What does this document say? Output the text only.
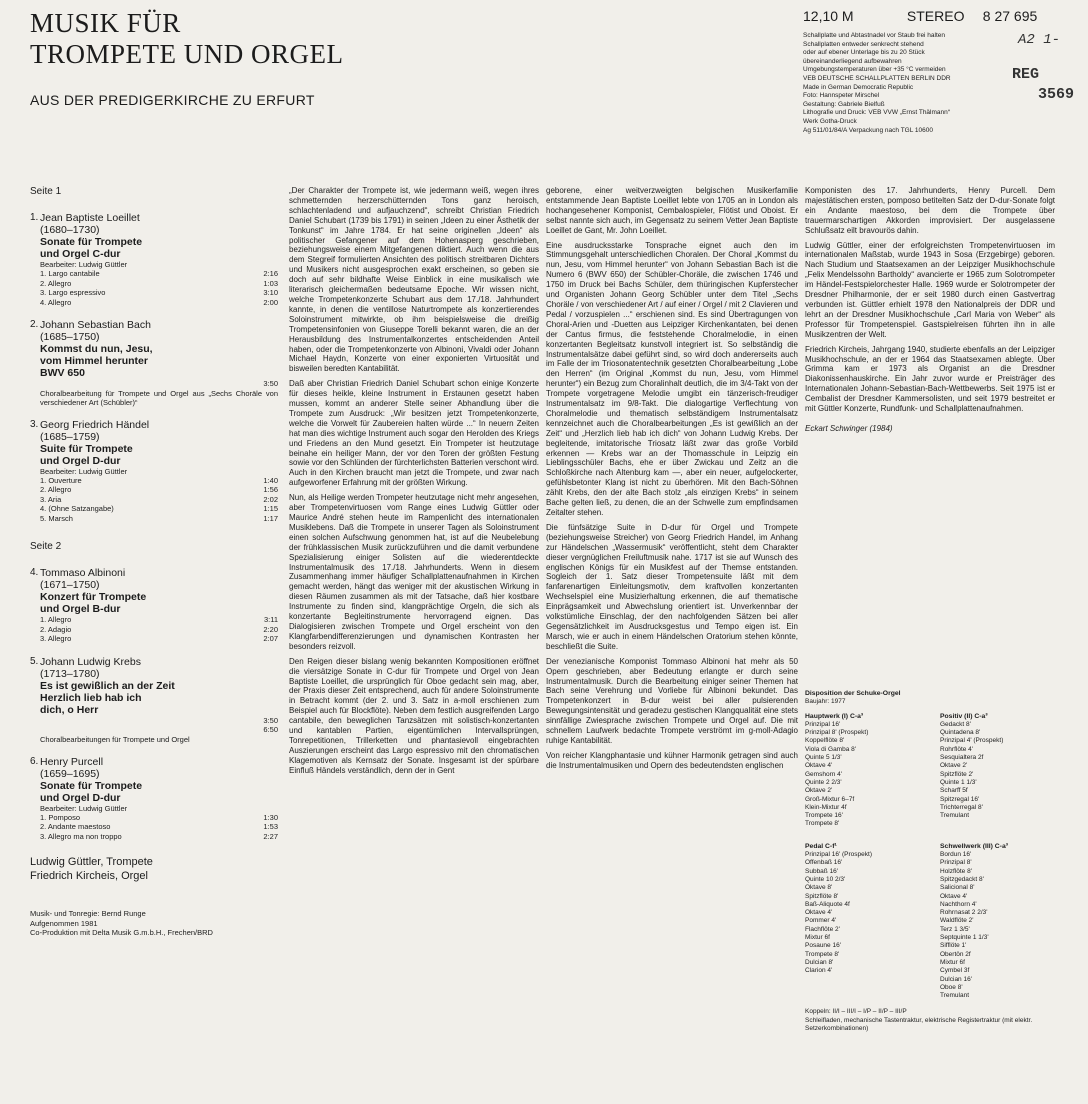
MUSIK FÜR
TROMPETE UND ORGEL
AUS DER PREDIGERKIRCHE ZU ERFURT
12,10 M	STEREO 8 27 695
Schallplatte und Abtastnadel vor Staub frei halten
Schallplatten entweder senkrecht stehend
oder auf ebener Unterlage bis zu 20 Stück
übereinanderliegend aufbewahren
Umgebungstemperaturen über +35 °C vermeiden
VEB DEUTSCHE SCHALLPLATTEN BERLIN DDR
Made in German Democratic Republic
Foto: Hannspeter Mirschel
Gestaltung: Gabriele Bielfuß
Lithografie und Druck: VEB VVW „Ernst Thälmann“
Werk Gotha-Druck
Ag 511/01/84/A Verpackung nach TGL 10600
A2 1-
REG
3569
Seite 1
1. Jean Baptiste Loeillet
(1680–1730)
Sonate für Trompete
und Orgel C-dur
Bearbeiter: Ludwig Güttler
1. Largo cantabile	2:16
2. Allegro	1:03
3. Largo espressivo	3:10
4. Allegro	2:00
2. Johann Sebastian Bach
(1685–1750)
Kommst du nun, Jesu,
vom Himmel herunter
BWV 650
3:50
Choralbearbeitung für Trompete und Orgel aus „Sechs Choräle von verschiedener Art (Schübler)“
3. Georg Friedrich Händel
(1685–1759)
Suite für Trompete
und Orgel D-dur
Bearbeiter: Ludwig Güttler
1. Ouverture	1:40
2. Allegro	1:56
3. Aria	2:02
4. (Ohne Satzangabe)	1:15
5. Marsch	1:17
Seite 2
4. Tommaso Albinoni
(1671–1750)
Konzert für Trompete
und Orgel B-dur
1. Allegro	3:11
2. Adagio	2:20
3. Allegro	2:07
5. Johann Ludwig Krebs
(1713–1780)
Es ist gewißlich an der Zeit
Herzlich lieb hab ich
dich, o Herr
3:50
6:50
Choralbearbeitungen für Trompete und Orgel
6. Henry Purcell
(1659–1695)
Sonate für Trompete
und Orgel D-dur
Bearbeiter: Ludwig Güttler
1. Pomposo	1:30
2. Andante maestoso	1:53
3. Allegro ma non troppo	2:27
Ludwig Güttler, Trompete
Friedrich Kircheis, Orgel
Musik- und Tonregie: Bernd Runge
Aufgenommen 1981
Co-Produktion mit Delta Musik G.m.b.H., Frechen/BRD

„Der Charakter der Trompete ist, wie jedermann weiß, wegen ihres schmetternden herzerschütternden Tons ganz heroisch, schlachtenladend und aufjauchzend“, schreibt Christian Friedrich Daniel Schubart (1739 bis 1791) in seinen „Ideen zu einer Ästhetik der Tonkunst“ im Jahre 1784. Er hat seine originellen „Ideen“ als politischer Gefangener auf dem Hohenasperg geschrieben, beziehungsweise einem Mitgefangenen diktiert. Auch wenn die aus dem Stegreif formulierten Ansichten des politisch streitbaren Dichters und Musikers nicht ausgesprochen exakt erscheinen, so geben sie doch auf sehr bildhafte Weise Einblick in eine musikalisch wie literarisch gleichermaßen bedeutsame Epoche. Wir wissen nicht, welche Trompetenkonzerte Schubart aus dem 17./18. Jahrhundert kannte, in denen die ventillose Naturtrompete als konzertierendes Soloinstrument mitwirkte, ob ihm beispielsweise die dreißig Trompetensinfonien von Giuseppe Torelli bekannt waren, die an der Herausbildung des Instrumentalkonzertes entscheidenden Anteil haben, oder die Trompetenkonzerte von Albinoni, Vivaldi oder Johann Michael Haydn, Konzerte von einer exponierten Virtuosität und bisweilen beredten Kantabilität.

Daß aber Christian Friedrich Daniel Schubart schon einige Konzerte für dieses heikle, kleine Instrument in Erstaunen gesetzt haben mussen, kommt an anderer Stelle seiner Abhandlung über die Trompete zum Ausdruck: „Wir besitzen jetzt Trompetenkonzerte, welche die Vorwelt für Zaubereien halten würde ...“ In neuern Zeiten hat man dies wichtige Instrument auch sogar den Herolden des Kriegs und Friedens an den Mund gesetzt. Ein Trompeter ist heutzutage beinahe ein heiliger Mann, der vor den Toren der größten Festung sowie vor den Schlünden der fürchterlichsten Batterien verschont wird. Auch in den Kirchen braucht man jetzt die Trompete, und zwar nach aufgeworfener Erfahrung mit der größten Wirkung.

Nun, als Heilige werden Trompeter heutzutage nicht mehr angesehen, aber Trompetenvirtuosen vom Range eines Ludwig Güttler oder Maurice André stehen heute im Rampenlicht des internationalen Musiklebens. Daß die Trompete in unserer Tagen als Soloinstrument einen solchen Aufschwung genommen hat, ist auf die Neubelebung der frühklassischen Musik zurückzuführen und die damit verbundene Spezialisierung einiger Solisten auf die wiederentdeckte Instrumentalmusik des 17./18. Jahrhunderts. Wenn in diesem Zusammenhang immer häufiger Schallplattenaufnahmen in Kirchen gemacht werden, hängt das weniger mit der akustischen Wirkung in diesen Räumen zusammen als mit der Tatsache, daß hier kostbare Instrumente zu finden sind, klangprächtige Orgeln, die sich als konzertante Begleitinstrumente hervorragend eignen. Das Dialogisieren zwischen Trompete und Orgel erscheint von den Klangfarbendifferenzierungen und dynamischen Kontrasten her besonders reizvoll.

Den Reigen dieser bislang wenig bekannten Kompositionen eröffnet die viersätzige Sonate in C-dur für Trompete und Orgel von Jean Baptiste Loeillet, die ursprünglich für Oboe gedacht sein mag, aber, der Praxis dieser Zeit entsprechend, auch für andere Soloinstrumente in Betracht kommt (der 2. und 3. Satz in a-moll erschienen zum Beispiel auch für Blockflöte). Neben dem festlich ausgreifenden Largo cantabile, den beweglichen Tanzsätzen mit solistisch-konzertanten und kantablen Partien, eigentümlichen Intervallsprüngen, Tonrepetitionen, Trillerketten und phantasievoll eingebrachten Auszierungen erscheint das Largo espressivo mit den chromatischen Klagemotiven als Kernsatz der Sonate. Insgesamt ist der spürbare Einfluß Händels verständlich, denn der in Gent

geborene, einer weitverzweigten belgischen Musikerfamilie entstammende Jean Baptiste Loeillet lebte von 1705 an in London als hochangesehener Komponist, Cembalospieler, Flötist und Oboist. Er selbst nannte sich auch, im Gegensatz zu seinem Vetter Jean Baptiste Loeillet de Gant, Mr. John Loeillet.

Eine ausdrucksstarke Tonsprache eignet auch den im Stimmungsgehalt unterschiedlichen Choralen. Der Choral „Kommst du nun, Jesu, vom Himmel herunter“ von Johann Sebastian Bach ist die Numero 6 (BWV 650) der Schübler-Choräle, die zwischen 1746 und 1750 im Druck bei Bachs Schüler, dem thüringischen Kupferstecher und Organisten Johann Georg Schübler unter dem Titel „Sechs Choräle / von verschiedener Art / auf einer / Orgel / mit 2 Clavieren und Pedal / vorzuspielen ...“ erschienen sind. Es sind Übertragungen von Choral-Arien und -Duetten aus Leipziger Kirchenkantaten, bei denen der Cantus firmus, die feststehende Choralmelodie, in einen konzertanten Begleitsatz kunstvoll integriert ist. So selbständig die Instrumentalsätze dabei geführt sind, so wird doch andererseits auch im Falle der im Triosonatentechnik gesetzten Choralbearbeitung „Lobe den Herren“ (im Original „Kommst du nun, Jesu, vom Himmel herunter“) ein Bezug zum Choralinhalt deutlich, die im 3/4-Takt von der Trompete vorgetragene Melodie umgibt ein tänzerisch-freudiger Instrumentalsatz im 9/8-Takt. Die dialogartige Verflechtung von Choralmelodie und thematisch selbständigem Instrumentalsatz kennzeichnet auch die Choralbearbeitungen „Es ist gewißlich an der Zeit“ und „Herzlich lieb hab ich dich“ von Johann Ludwig Krebs. Der begleitende, imitatorische Triosatz läßt zwar das große Vorbild erkennen — Krebs war an der Thomasschule in Leipzig ein Lieblingsschüler Bachs, ehe er über Zwickau und Zeitz an die Schloßkirche nach Altenburg kam —, aber ein neuer, aufgelockerter, gefühlsbetonter Klang ist nicht zu überhören. Mit den Bach-Söhnen zählt Krebs, den der alte Bach stolz „als einzigen Krebs“ in seinem Bache gelten ließ, zu denen, die an der Schwelle zum empfindsamen Zeitalter stehen.

Die fünfsätzige Suite in D-dur für Orgel und Trompete (beziehungsweise Streicher) von Georg Friedrich Handel, im Anhang zur Händelschen „Wassermusik“ veröffentlicht, steht dem Charakter dieser vergnüglichen Freiluftmusik nahe. 1717 ist sie auf Wunsch des englischen Königs für ein Musikfest auf der Themse entstanden. Sogleich der 1. Satz dieser Trompetensuite läßt mit dem fanfarenartigen Einleitungsmotiv, dem kraftvollen konzertanten Wechselspiel eine Musizierhaltung erkennen, die auf thematische Einprägsamkeit und Abwechslung orientiert ist. Unverkennbar der volkstümliche Einschlag, der den nachfolgenden Sätzen bei aller Gegensätzlichkeit im Ausdrucksgestus und Tempo eigen ist. Ein Marsch, wie er auch in einem Händelschen Oratorium stehen könnte, beschließt die Suite.

Der venezianische Komponist Tommaso Albinoni hat mehr als 50 Opern geschrieben, aber Bedeutung erlangte er durch seine Instrumentalmusik. Durch die Bearbeitung einiger seiner Themen hat Bach seine Verehrung und Vorliebe für Albinoni bekundet. Das Trompetenkonzert in B-dur weist bei aller pulsierenden Bewegungsintensität und geradezu gestischen Klangqualität eine stets sinnfällige Zwiesprache zwischen Trompete und Orgel auf. Die mit schnellem Laufwerk bedachte Trompete verströmt im g-moll-Adagio ruhige Kantabilität.

Von reicher Klangphantasie und kühner Harmonik getragen sind auch die Instrumentalmusiken und Opern des bedeutendsten englischen

Komponisten des 17. Jahrhunderts, Henry Purcell. Dem majestätischen ersten, pomposo betitelten Satz der D-dur-Sonate folgt ein Andante maestoso, bei dem die Trompete über trauermarschartigen Akkorden improvisiert. Der ausgelassene Schlußsatz eilt bravourös dahin.

Ludwig Güttler, einer der erfolgreichsten Trompetenvirtuosen im internationalen Maßstab, wurde 1943 in Sosa (Erzgebirge) geboren. Nach Studium und Staatsexamen an der Leipziger Musikhochschule „Felix Mendelssohn Bartholdy“ avancierte er 1965 zum Solotrompeter im Händel-Festspielorchester Halle. 1969 wurde er Solotrompeter der Dresdner Philharmonie, der er seit 1980 durch einen Gastvertrag verbunden ist. Güttler erhielt 1978 den Nationalpreis der DDR und lehrt an der Dresdner Musikhochschule „Carl Maria von Weber“ als Professor für Trompetenspiel. Gastspielreisen führten ihn in alle Musikzentren der Welt.

Friedrich Kircheis, Jahrgang 1940, studierte ebenfalls an der Leipziger Musikhochschule, an der er 1964 das Staatsexamen ablegte. Über Grimma kam er 1973 als Organist an die Dresdner Diakonissenhauskirche. Ein Jahr zuvor wurde er Preisträger des Internationalen Johann-Sebastian-Bach-Wettbewerbs. Seit 1975 ist er Cembalist der Dresdner Kammersolisten, und seit 1979 bestreitet er mit Güttler Konzerte, Rundfunk- und Schallplattenaufnahmen.

Eckart Schwinger (1984)
Disposition der Schuke-Orgel
Baujahr: 1977
Hauptwerk (I) C-a³
Prinzipal 16'
Prinzipal 8' (Prospekt)
Koppelflöte 8'
Viola di Gamba 8'
Quinte 5 1/3'
Oktave 4'
Gemshorn 4'
Quinte 2 2/3'
Oktave 2'
Groß-Mixtur 6–7f
Klein-Mixtur 4f
Trompete 16'
Trompete 8'
Positiv (II) C-a³
Gedackt 8'
Quintadena 8'
Prinzipal 4' (Prospekt)
Rohrflöte 4'
Sesquialtera 2f
Oktave 2'
Spitzflöte 2'
Quinte 1 1/3'
Scharff 5f
Spitzregal 16'
Trichterregal 8'
Tremulant
Pedal C-f¹
Prinzipal 16' (Prospekt)
Offenbaß 16'
Subbaß 16'
Quinte 10 2/3'
Oktave 8'
Spitzflöte 8'
Baß-Aliquote 4f
Oktave 4'
Pommer 4'
Flachflöte 2'
Mixtur 6f
Posaune 16'
Trompete 8'
Dulcian 8'
Clarion 4'
Schwellwerk (III) C-a³
Bordun 16'
Prinzipal 8'
Holzflöte 8'
Spitzgedackt 8'
Salicional 8'
Oktave 4'
Nachthorn 4'
Rohrnasat 2 2/3'
Waldflöte 2'
Terz 1 3/5'
Septquinte 1 1/3'
Sifflöte 1'
Obertön 2f
Mixtur 6f
Cymbel 3f
Dulcian 16'
Oboe 8'
Tremulant
Koppeln: II/I – III/I – I/P – II/P – III/P
Schleifladen, mechanische Tastentraktur, elektrische Registertraktur (mit elektr. Setzerkombinationen)
